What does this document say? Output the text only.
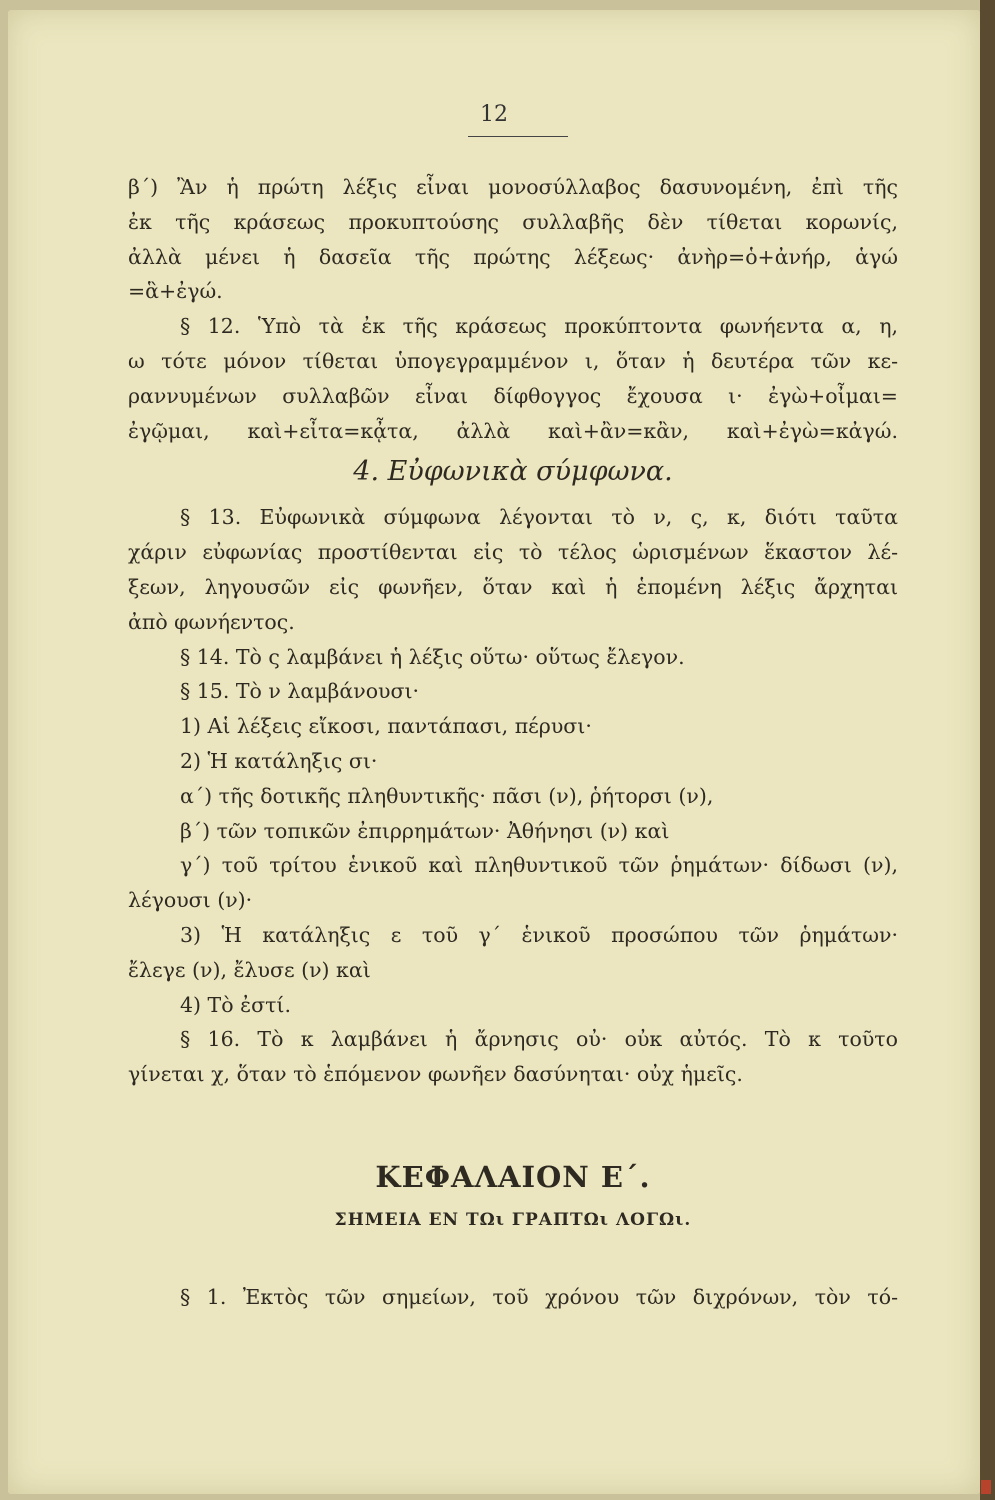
12
β΄) Ἂν ἡ πρώτη λέξις εἶναι μονοσύλλαβος δασυνομένη, ἐπὶ τῆς
ἐκ τῆς κράσεως προκυπτούσης συλλαβῆς δὲν τίθεται κορωνίς,
ἀλλὰ μένει ἡ δασεῖα τῆς πρώτης λέξεως· ἀνὴρ=ὁ+ἀνήρ, ἁγώ
=ἃ+ἐγώ.
§ 12. Ὑπὸ τὰ ἐκ τῆς κράσεως προκύπτοντα φωνήεντα α, η,
ω τότε μόνον τίθεται ὑπογεγραμμένον ι, ὅταν ἡ δευτέρα τῶν κε-
ραννυμένων συλλαβῶν εἶναι δίφθογγος ἔχουσα ι· ἐγὼ+οἶμαι=
ἐγῷμαι, καὶ+εἶτα=κᾆτα, ἀλλὰ καὶ+ἂν=κἂν, καὶ+ἐγὼ=κἀγώ.
4. Εὐφωνικὰ σύμφωνα.
§ 13. Εὐφωνικὰ σύμφωνα λέγονται τὸ ν, ς, κ, διότι ταῦτα
χάριν εὐφωνίας προστίθενται εἰς τὸ τέλος ὡρισμένων ἕκαστον λέ-
ξεων, ληγουσῶν εἰς φωνῆεν, ὅταν καὶ ἡ ἑπομένη λέξις ἄρχηται
ἀπὸ φωνήεντος.
§ 14. Τὸ ς λαμβάνει ἡ λέξις οὕτω· οὕτως ἔλεγον.
§ 15. Τὸ ν λαμβάνουσι·
1) Αἱ λέξεις εἴκοσι, παντάπασι, πέρυσι·
2) Ἡ κατάληξις σι·
α΄) τῆς δοτικῆς πληθυντικῆς· πᾶσι (ν), ῥήτορσι (ν),
β΄) τῶν τοπικῶν ἐπιρρημάτων· Ἀθήνησι (ν) καὶ
γ΄) τοῦ τρίτου ἑνικοῦ καὶ πληθυντικοῦ τῶν ῥημάτων· δίδωσι (ν),
λέγουσι (ν)·
3) Ἡ κατάληξις ε τοῦ γ΄ ἑνικοῦ προσώπου τῶν ῥημάτων·
ἔλεγε (ν), ἔλυσε (ν) καὶ
4) Τὸ ἐστί.
§ 16. Τὸ κ λαμβάνει ἡ ἄρνησις οὐ· οὐκ αὐτός. Τὸ κ τοῦτο
γίνεται χ, ὅταν τὸ ἑπόμενον φωνῆεν δασύνηται· οὐχ ἡμεῖς.
ΚΕΦΑΛΑΙΟΝ Ε΄.
ΣΗΜΕΙΑ ΕΝ ΤΩι ΓΡΑΠΤΩι ΛΟΓΩι.
§ 1. Ἐκτὸς τῶν σημείων, τοῦ χρόνου τῶν διχρόνων, τὸν τό-
